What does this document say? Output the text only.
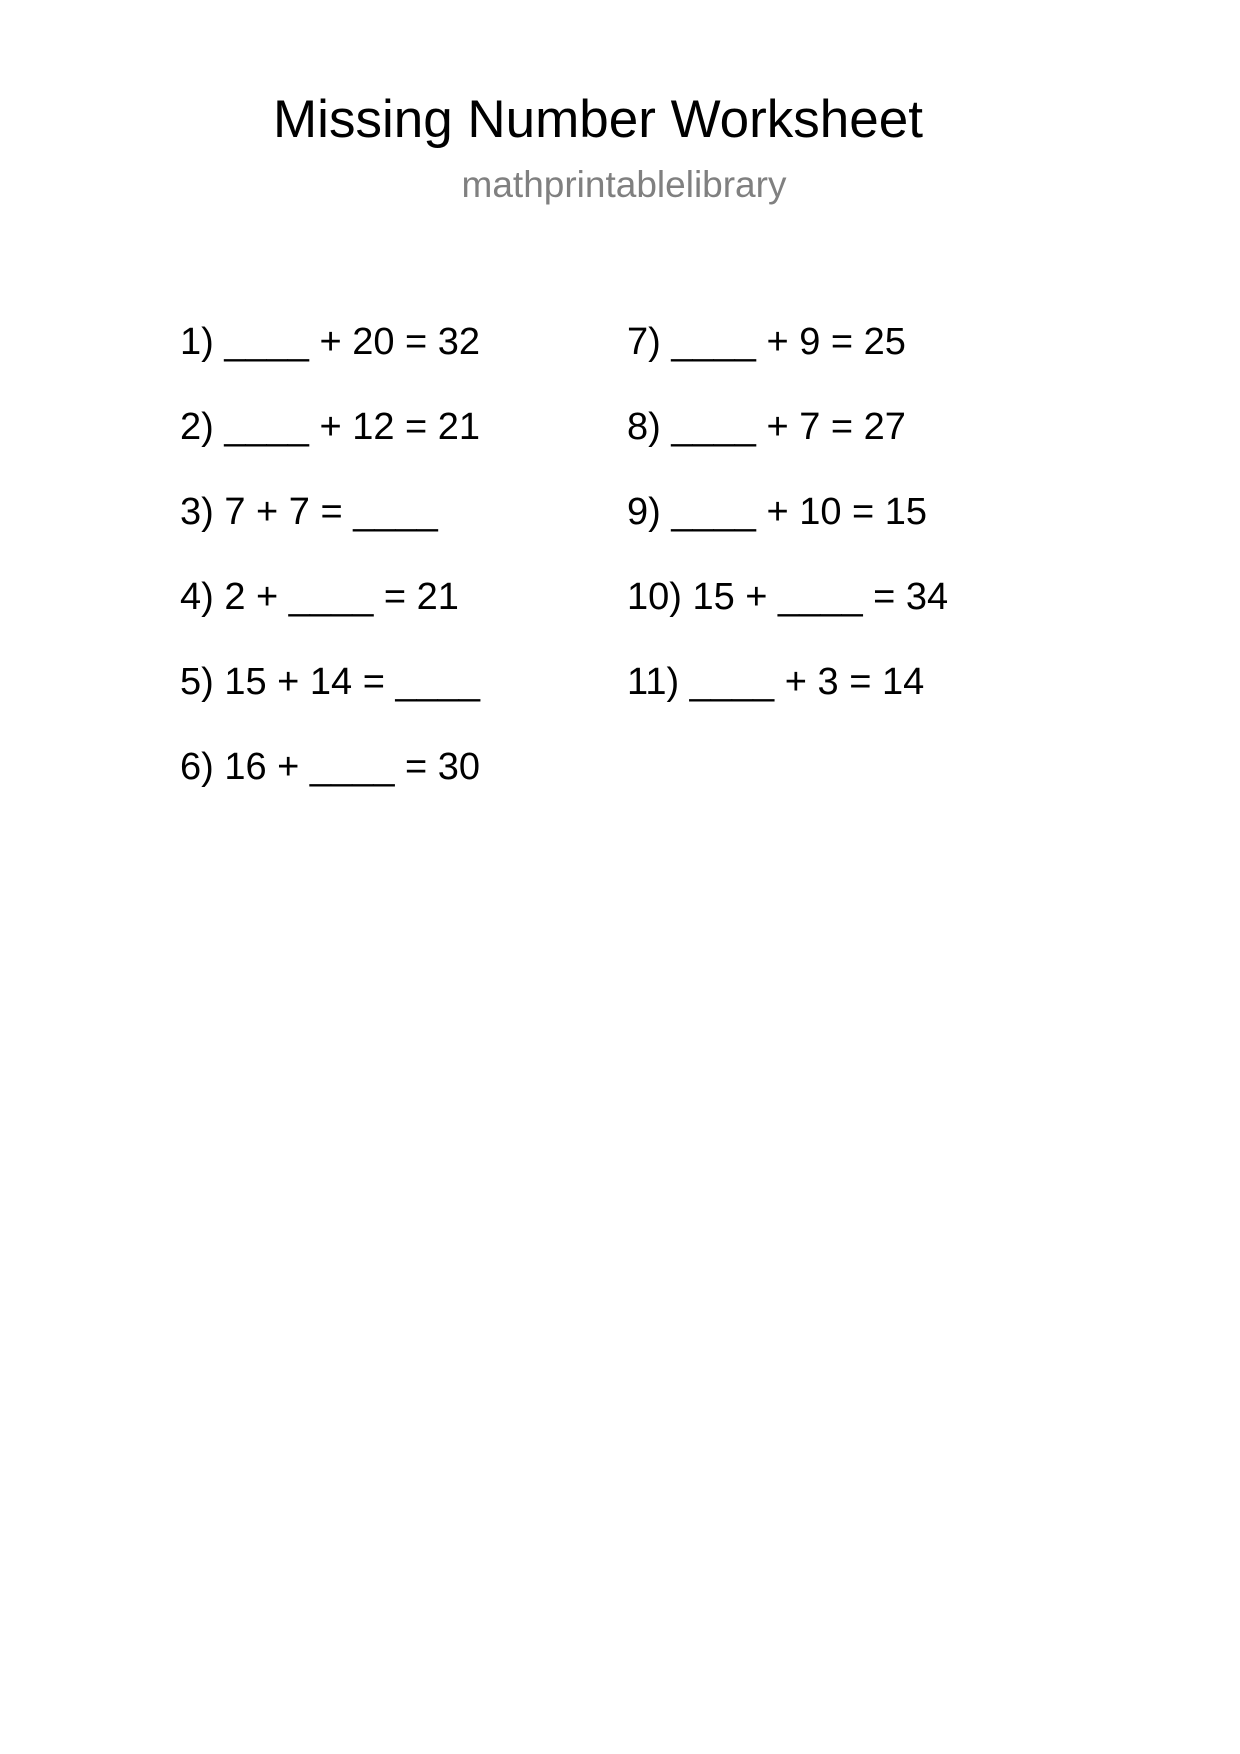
Missing Number Worksheet
mathprintablelibrary
1) ____ + 20 = 32
2) ____ + 12 = 21
3) 7 + 7 = ____
4) 2 + ____ = 21
5) 15 + 14 = ____
6) 16 + ____ = 30
7) ____ + 9 = 25
8) ____ + 7 = 27
9) ____ + 10 = 15
10) 15 + ____ = 34
11) ____ + 3 = 14
